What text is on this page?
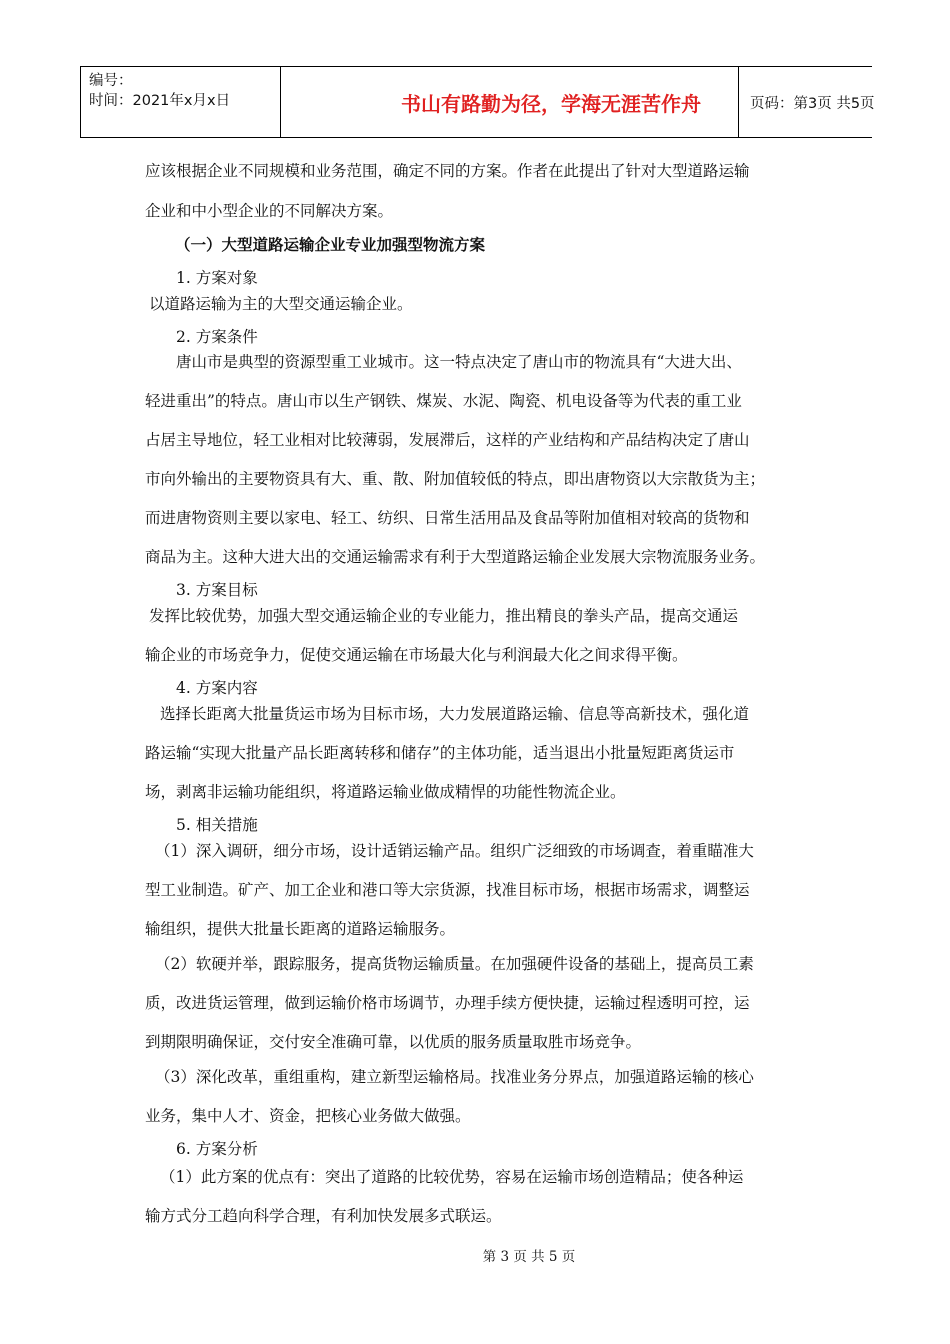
编号：
时间：2021年x月x日	书山有路勤为径，学海无涯苦作舟	页码：第3页 共5页
应该根据企业不同规模和业务范围，确定不同的方案。作者在此提出了针对大型道路运输
企业和中小型企业的不同解决方案。
（一）大型道路运输企业专业加强型物流方案
1. 方案对象
以道路运输为主的大型交通运输企业。
2. 方案条件
唐山市是典型的资源型重工业城市。这一特点决定了唐山市的物流具有“大进大出、
轻进重出”的特点。唐山市以生产钢铁、煤炭、水泥、陶瓷、机电设备等为代表的重工业
占居主导地位，轻工业相对比较薄弱，发展滞后，这样的产业结构和产品结构决定了唐山
市向外输出的主要物资具有大、重、散、附加值较低的特点，即出唐物资以大宗散货为主；
而进唐物资则主要以家电、轻工、纺织、日常生活用品及食品等附加值相对较高的货物和
商品为主。这种大进大出的交通运输需求有利于大型道路运输企业发展大宗物流服务业务。
3. 方案目标
发挥比较优势，加强大型交通运输企业的专业能力，推出精良的拳头产品，提高交通运
输企业的市场竞争力，促使交通运输在市场最大化与利润最大化之间求得平衡。
4. 方案内容
选择长距离大批量货运市场为目标市场，大力发展道路运输、信息等高新技术，强化道
路运输“实现大批量产品长距离转移和储存”的主体功能，适当退出小批量短距离货运市
场，剥离非运输功能组织，将道路运输业做成精悍的功能性物流企业。
5. 相关措施
（1）深入调研，细分市场，设计适销运输产品。组织广泛细致的市场调查，着重瞄准大
型工业制造。矿产、加工企业和港口等大宗货源，找准目标市场，根据市场需求，调整运
输组织，提供大批量长距离的道路运输服务。
（2）软硬并举，跟踪服务，提高货物运输质量。在加强硬件设备的基础上，提高员工素
质，改进货运管理，做到运输价格市场调节，办理手续方便快捷，运输过程透明可控，运
到期限明确保证，交付安全准确可靠，以优质的服务质量取胜市场竞争。
（3）深化改革，重组重构，建立新型运输格局。找准业务分界点，加强道路运输的核心
业务，集中人才、资金，把核心业务做大做强。
6. 方案分析
（1）此方案的优点有：突出了道路的比较优势，容易在运输市场创造精品；使各种运
输方式分工趋向科学合理，有利加快发展多式联运。
第 3 页 共 5 页
